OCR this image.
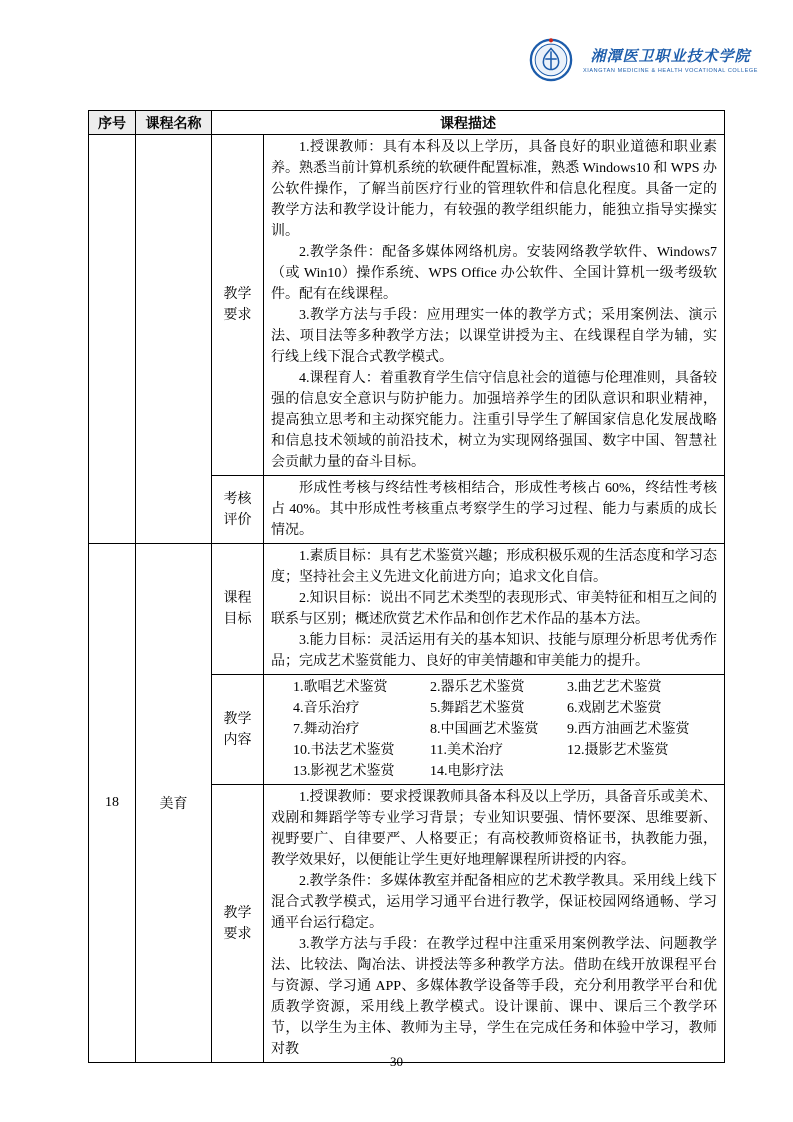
湘潭医卫职业技术学院
XIANGTAN MEDICINE & HEALTH VOCATIONAL COLLEGE
序号	课程名称	课程描述	
		教学要求	1.授课教师：具有本科及以上学历，具备良好的职业道德和职业素养。熟悉当前计算机系统的软硬件配置标准，熟悉 Windows10 和 WPS 办公软件操作，了解当前医疗行业的管理软件和信息化程度。具备一定的教学方法和教学设计能力，有较强的教学组织能力，能独立指导实操实训。

2.教学条件：配备多媒体网络机房。安装网络教学软件、Windows7（或 Win10）操作系统、WPS Office 办公软件、全国计算机一级考级软件。配有在线课程。

3.教学方法与手段：应用理实一体的教学方式；采用案例法、演示法、项目法等多种教学方法；以课堂讲授为主、在线课程自学为辅，实行线上线下混合式教学模式。

4.课程育人：着重教育学生信守信息社会的道德与伦理准则，具备较强的信息安全意识与防护能力。加强培养学生的团队意识和职业精神，提高独立思考和主动探究能力。注重引导学生了解国家信息化发展战略和信息技术领域的前沿技术，树立为实现网络强国、数字中国、智慧社会贡献力量的奋斗目标。

		考核评价	形成性考核与终结性考核相结合，形成性考核占 60%，终结性考核占 40%。其中形成性考核重点考察学生的学习过程、能力与素质的成长情况。

18	美育	课程目标	1.素质目标：具有艺术鉴赏兴趣；形成积极乐观的生活态度和学习态度；坚持社会主义先进文化前进方向；追求文化自信。

2.知识目标：说出不同艺术类型的表现形式、审美特征和相互之间的联系与区别；概述欣赏艺术作品和创作艺术作品的基本方法。

3.能力目标：灵活运用有关的基本知识、技能与原理分析思考优秀作品；完成艺术鉴赏能力、良好的审美情趣和审美能力的提升。

教学内容	
1.歌唱艺术鉴赏	2.器乐艺术鉴赏	3.曲艺艺术鉴赏
4.音乐治疗	5.舞蹈艺术鉴赏	6.戏剧艺术鉴赏
7.舞动治疗	8.中国画艺术鉴赏	9.西方油画艺术鉴赏
10.书法艺术鉴赏	11.美术治疗	12.摄影艺术鉴赏
13.影视艺术鉴赏	14.电影疗法

		教学要求	1.授课教师：要求授课教师具备本科及以上学历，具备音乐或美术、戏剧和舞蹈学等专业学习背景；专业知识要强、情怀要深、思维要新、视野要广、自律要严、人格要正；有高校教师资格证书，执教能力强，教学效果好，以便能让学生更好地理解课程所讲授的内容。

2.教学条件：多媒体教室并配备相应的艺术教学教具。采用线上线下混合式教学模式，运用学习通平台进行教学，保证校园网络通畅、学习通平台运行稳定。

3.教学方法与手段：在教学过程中注重采用案例教学法、问题教学法、比较法、陶冶法、讲授法等多种教学方法。借助在线开放课程平台与资源、学习通 APP、多媒体教学设备等手段，充分利用教学平台和优质教学资源，采用线上教学模式。设计课前、课中、课后三个教学环节，以学生为主体、教师为主导，学生在完成任务和体验中学习，教师对教

30
